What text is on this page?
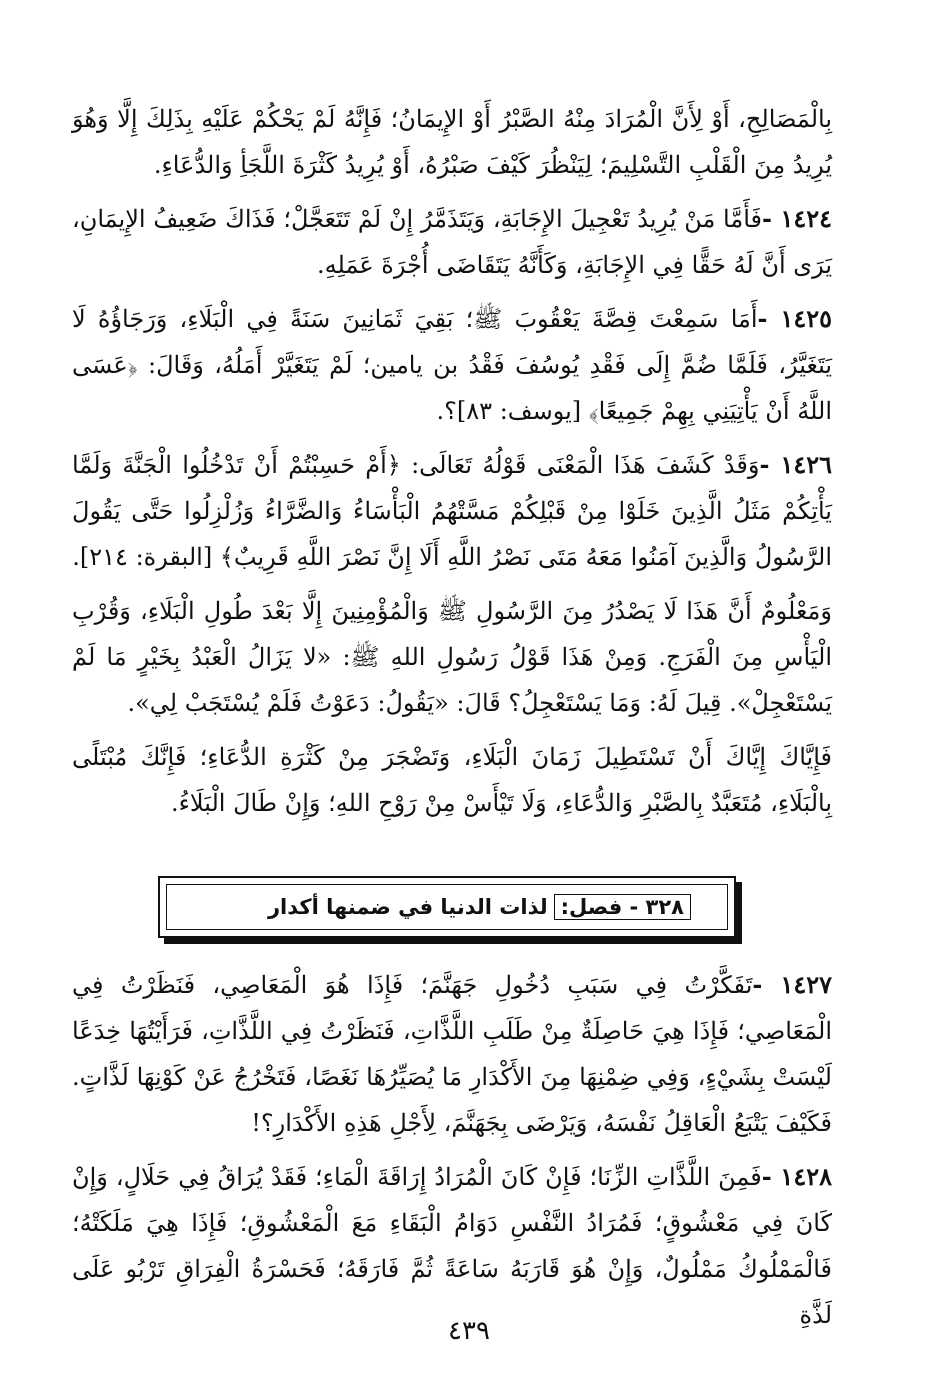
بِالْمَصَالِحِ، أَوْ لِأَنَّ الْمُرَادَ مِنْهُ الصَّبْرُ أَوْ الإِيمَانُ؛ فَإِنَّهُ لَمْ يَحْكُمْ عَلَيْهِ بِذَلِكَ إِلَّا وَهُوَ يُرِيدُ مِنَ الْقَلْبِ التَّسْلِيمَ؛ لِيَنْظُرَ كَيْفَ صَبْرُهُ، أَوْ يُرِيدُ كَثْرَةَ اللَّجَأِ وَالدُّعَاءِ.

١٤٢٤ -فَأَمَّا مَنْ يُرِيدُ تَعْجِيلَ الإِجَابَةِ، وَيَتَذَمَّرُ إِنْ لَمْ تَتَعَجَّلْ؛ فَذَاكَ ضَعِيفُ الإِيمَانِ، يَرَى أَنَّ لَهُ حَقًّا فِي الإِجَابَةِ، وَكَأَنَّهُ يَتَقَاضَى أُجْرَةَ عَمَلِهِ.

١٤٢٥ -أَمَا سَمِعْتَ قِصَّةَ يَعْقُوبَ ﷺ؛ بَقِيَ ثَمَانِينَ سَنَةً فِي الْبَلَاءِ، وَرَجَاؤُهُ لَا يَتَغَيَّرُ، فَلَمَّا ضُمَّ إِلَى فَقْدِ يُوسُفَ فَقْدُ بن يامين؛ لَمْ يَتَغَيَّرْ أَمَلُهُ، وَقَالَ: ﴿عَسَى اللَّهُ أَنْ يَأْتِيَنِي بِهِمْ جَمِيعًا﴾ [يوسف: ٨٣]؟.

١٤٢٦ -وَقَدْ كَشَفَ هَذَا الْمَعْنَى قَوْلُهُ تَعَالَى: ﴿أَمْ حَسِبْتُمْ أَنْ تَدْخُلُوا الْجَنَّةَ وَلَمَّا يَأْتِكُمْ مَثَلُ الَّذِينَ خَلَوْا مِنْ قَبْلِكُمْ مَسَّتْهُمُ الْبَأْسَاءُ وَالضَّرَّاءُ وَزُلْزِلُوا حَتَّى يَقُولَ الرَّسُولُ وَالَّذِينَ آمَنُوا مَعَهُ مَتَى نَصْرُ اللَّهِ أَلَا إِنَّ نَصْرَ اللَّهِ قَرِيبٌ﴾ [البقرة: ٢١٤].

وَمَعْلُومٌ أَنَّ هَذَا لَا يَصْدُرُ مِنَ الرَّسُولِ ﷺ وَالْمُؤْمِنِينَ إِلَّا بَعْدَ طُولِ الْبَلَاءِ، وَقُرْبِ الْيَأْسِ مِنَ الْفَرَجِ. وَمِنْ هَذَا قَوْلُ رَسُولِ اللهِ ﷺ: «لا يَزَالُ الْعَبْدُ بِخَيْرٍ مَا لَمْ يَسْتَعْجِلْ». قِيلَ لَهُ: وَمَا يَسْتَعْجِلُ؟ قَالَ: «يَقُولُ: دَعَوْتُ فَلَمْ يُسْتَجَبْ لِي».

فَإِيَّاكَ إِيَّاكَ أَنْ تَسْتَطِيلَ زَمَانَ الْبَلَاءِ، وَتَضْجَرَ مِنْ كَثْرَةِ الدُّعَاءِ؛ فَإِنَّكَ مُبْتَلًى بِالْبَلَاءِ، مُتَعَبَّدٌ بِالصَّبْرِ وَالدُّعَاءِ، وَلَا تَيْأَسْ مِنْ رَوْحِ اللهِ؛ وَإِنْ طَالَ الْبَلَاءُ.

٣٢٨ - فصل:
لذات الدنيا في ضمنها أكدار

١٤٢٧ -تَفَكَّرْتُ فِي سَبَبِ دُخُولِ جَهَنَّمَ؛ فَإِذَا هُوَ الْمَعَاصِي، فَنَظَرْتُ فِي الْمَعَاصِي؛ فَإِذَا هِيَ حَاصِلَةٌ مِنْ طَلَبِ اللَّذَّاتِ، فَنَظَرْتُ فِي اللَّذَّاتِ، فَرَأَيْتُهَا خِدَعًا لَيْسَتْ بِشَيْءٍ، وَفِي ضِمْنِهَا مِنَ الأَكْدَارِ مَا يُصَيِّرُهَا نَغَصًا، فَتَخْرُجُ عَنْ كَوْنِهَا لَذَّاتٍ. فَكَيْفَ يَتْبَعُ الْعَاقِلُ نَفْسَهُ، وَيَرْضَى بِجَهَنَّمَ، لِأَجْلِ هَذِهِ الأَكْدَارِ؟!

١٤٢٨ -فَمِنَ اللَّذَّاتِ الزِّنَا؛ فَإِنْ كَانَ الْمُرَادُ إِرَاقَةَ الْمَاءِ؛ فَقَدْ يُرَاقُ فِي حَلَالٍ، وَإِنْ كَانَ فِي مَعْشُوقٍ؛ فَمُرَادُ النَّفْسِ دَوَامُ الْبَقَاءِ مَعَ الْمَعْشُوقِ؛ فَإِذَا هِيَ مَلَكَتْهُ؛ فَالْمَمْلُوكُ مَمْلُولٌ، وَإِنْ هُوَ قَارَبَهُ سَاعَةً ثُمَّ فَارَقَهُ؛ فَحَسْرَةُ الْفِرَاقِ تَرْبُو عَلَى لَذَّةِ

٤٣٩
